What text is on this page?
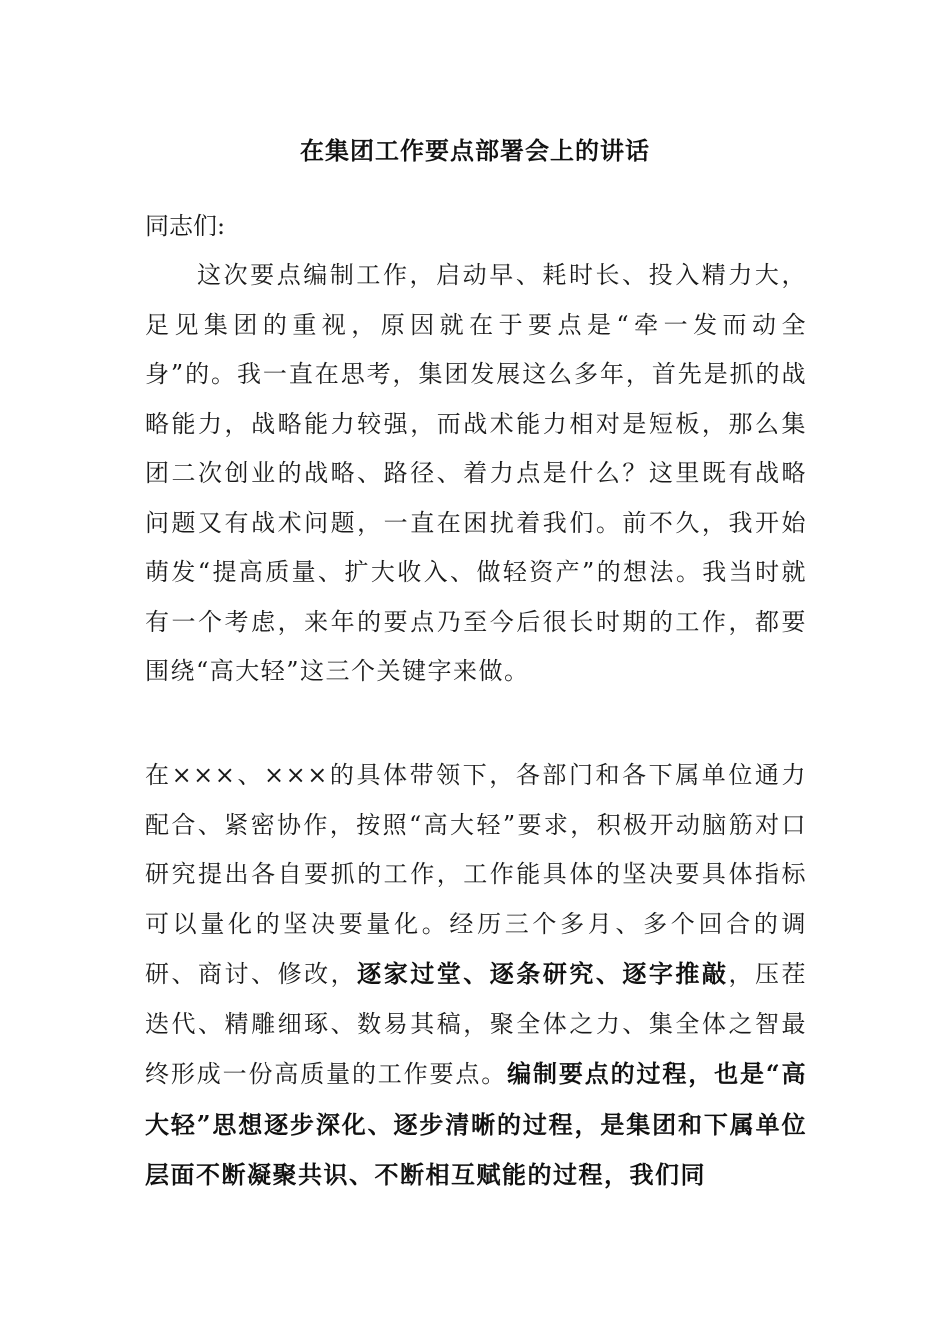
在集团工作要点部署会上的讲话
同志们:
这次要点编制工作，启动早、耗时长、投入精力大，足见集团的重视，原因就在于要点是“牵一发而动全身”的。我一直在思考，集团发展这么多年，首先是抓的战略能力，战略能力较强，而战术能力相对是短板，那么集团二次创业的战略、路径、着力点是什么？这里既有战略问题又有战术问题，一直在困扰着我们。前不久，我开始萌发“提高质量、扩大收入、做轻资产”的想法。我当时就有一个考虑，来年的要点乃至今后很长时期的工作，都要围绕“高大轻”这三个关键字来做。
在×××、×××的具体带领下，各部门和各下属单位通力配合、紧密协作，按照“高大轻”要求，积极开动脑筋对口研究提出各自要抓的工作，工作能具体的坚决要具体指标可以量化的坚决要量化。经历三个多月、多个回合的调研、商讨、修改，逐家过堂、逐条研究、逐字推敲，压茬迭代、精雕细琢、数易其稿，聚全体之力、集全体之智最终形成一份高质量的工作要点。编制要点的过程，也是“高大轻”思想逐步深化、逐步清晰的过程，是集团和下属单位层面不断凝聚共识、不断相互赋能的过程，我们同
